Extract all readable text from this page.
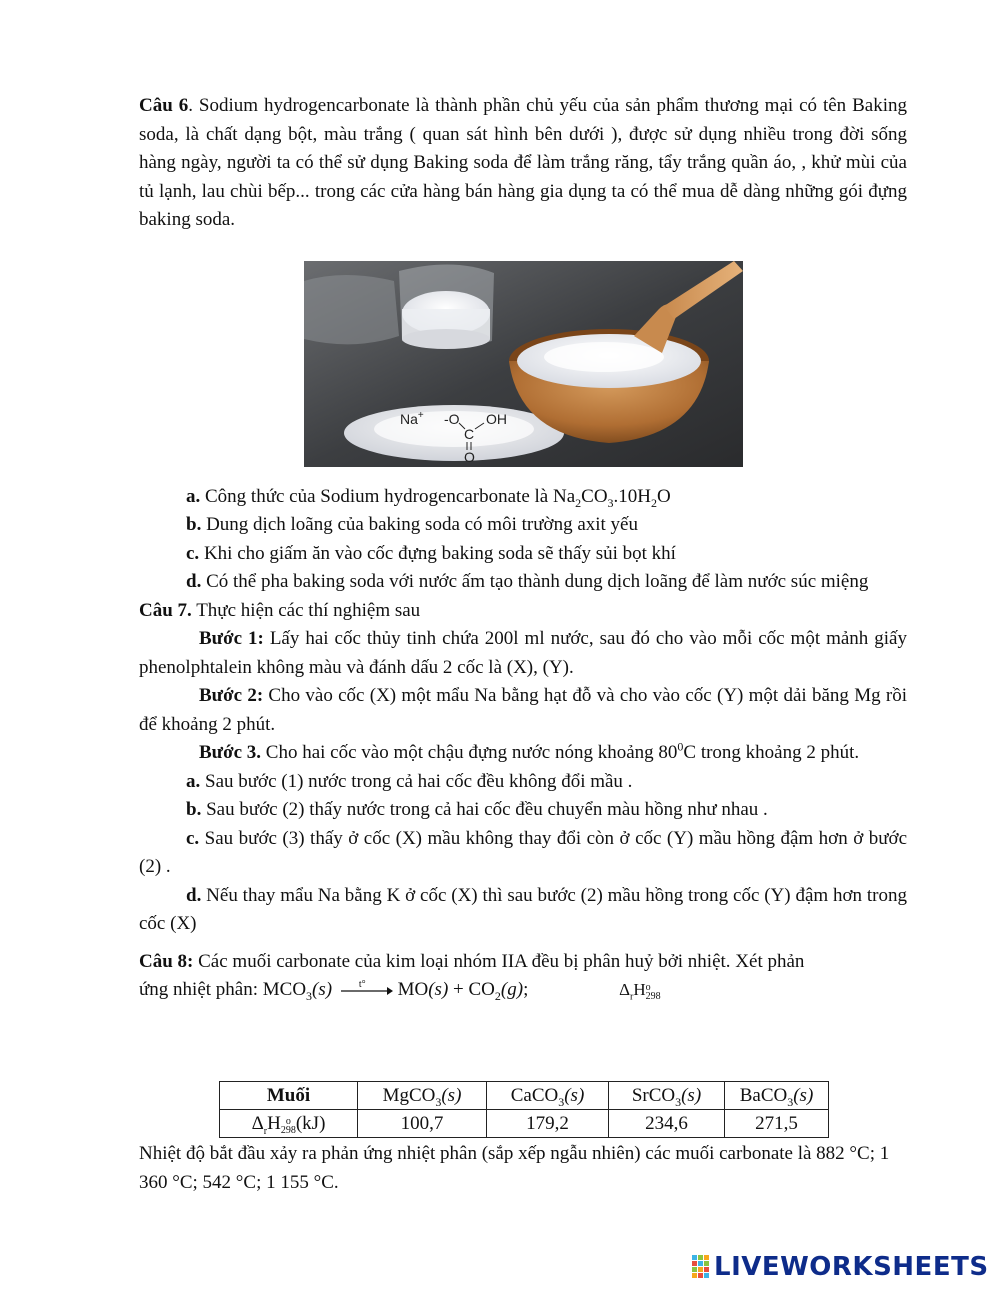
Câu 6. Sodium hydrogencarbonate là thành phần chủ yếu của sản phẩm thương mại có tên Baking soda, là chất dạng bột, màu trắng ( quan sát hình bên dưới ), được sử dụng nhiều trong đời sống hàng ngày, người ta có thể sử dụng Baking soda để làm trắng răng, tẩy trắng quần áo, , khử mùi của tủ lạnh, lau chùi bếp... trong các cửa hàng bán hàng gia dụng ta có thể mua dễ dàng những gói đựng baking soda.

a. Công thức của Sodium hydrogencarbonate là $Na_2CO_3.10H_2O$

b. Dung dịch loãng của baking soda có môi trường axit yếu

c. Khi cho giấm ăn vào cốc đựng baking soda sẽ thấy sủi bọt khí

d. Có thể pha baking soda với nước ấm tạo thành dung dịch loãng để làm nước súc miệng

Câu 7. Thực hiện các thí nghiệm sau

Bước 1: Lấy hai cốc thủy tinh chứa 200l ml nước, sau đó cho vào mỗi cốc một mảnh giấy phenolphtalein không màu và đánh dấu 2 cốc là (X), (Y).

Bước 2: Cho vào cốc (X) một mẩu Na bằng hạt đỗ và cho vào cốc (Y) một dải băng Mg rồi để khoảng 2 phút.

Bước 3. Cho hai cốc vào một chậu đựng nước nóng khoảng $80^0C$ trong khoảng 2 phút.

a. Sau bước (1) nước trong cả hai cốc đều không đổi mầu .

b. Sau bước (2) thấy nước trong cả hai cốc đều chuyển màu hồng như nhau .

c. Sau bước (3) thấy ở cốc (X) mầu không thay đổi còn ở cốc (Y) mầu hồng đậm hơn ở bước (2) .

d. Nếu thay mẩu Na bằng K ở cốc (X) thì sau bước (2) mầu hồng trong cốc (Y) đậm hơn trong cốc (X)

Câu 8: Các muối carbonate của kim loại nhóm IIA đều bị phân huỷ bởi nhiệt. Xét phản

ứng nhiệt phân: $MCO_3(s)$	t° $MO(s) + CO_2(g)$;	$\Delta_rH$ o
298

Na+ -O OH
C
O
Muối	MgCO$_3$(s)	CaCO$_3$(s)	SrCO$_3$(s)	BaCO$_3$(s)
$\Delta_rH$ o
298 (kJ)	100,7	179,2	234,6	271,5
Nhiệt độ bắt đầu xảy ra phản ứng nhiệt phân (sắp xếp ngẫu nhiên) các muối carbonate là 882 °C; 1 360 °C; 542 °C; 1 155 °C.
LIVEWORKSHEETS
